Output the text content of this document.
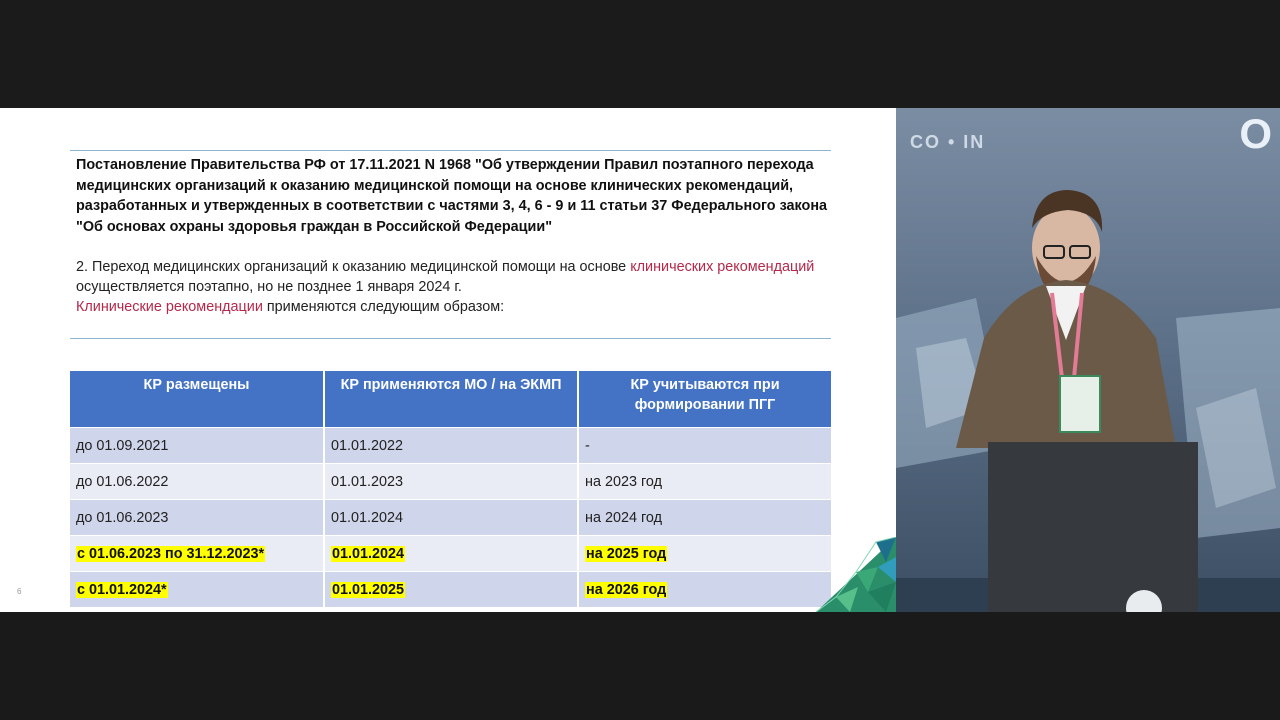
Постановление Правительства РФ от 17.11.2021 N 1968 "Об утверждении Правил поэтапного перехода медицинских организаций к оказанию медицинской помощи на основе клинических рекомендаций, разработанных и утвержденных в соответствии с частями 3, 4, 6 - 9 и 11 статьи 37 Федерального закона "Об основах охраны здоровья граждан в Российской Федерации"

2. Переход медицинских организаций к оказанию медицинской помощи на основе клинических рекомендаций осуществляется поэтапно, но не позднее 1 января 2024 г.
Клинические рекомендации применяются следующим образом:

КР размещены	КР применяются МО / на ЭКМП	КР учитываются при формировании ПГГ
до 01.09.2021	01.01.2022	-
до 01.06.2022	01.01.2023	на 2023 год
до 01.06.2023	01.01.2024	на 2024 год
с 01.06.2023 по 31.12.2023*	01.01.2024	на 2025 год
с 01.01.2024*	01.01.2025	на 2026 год
6
CO • IN	O
